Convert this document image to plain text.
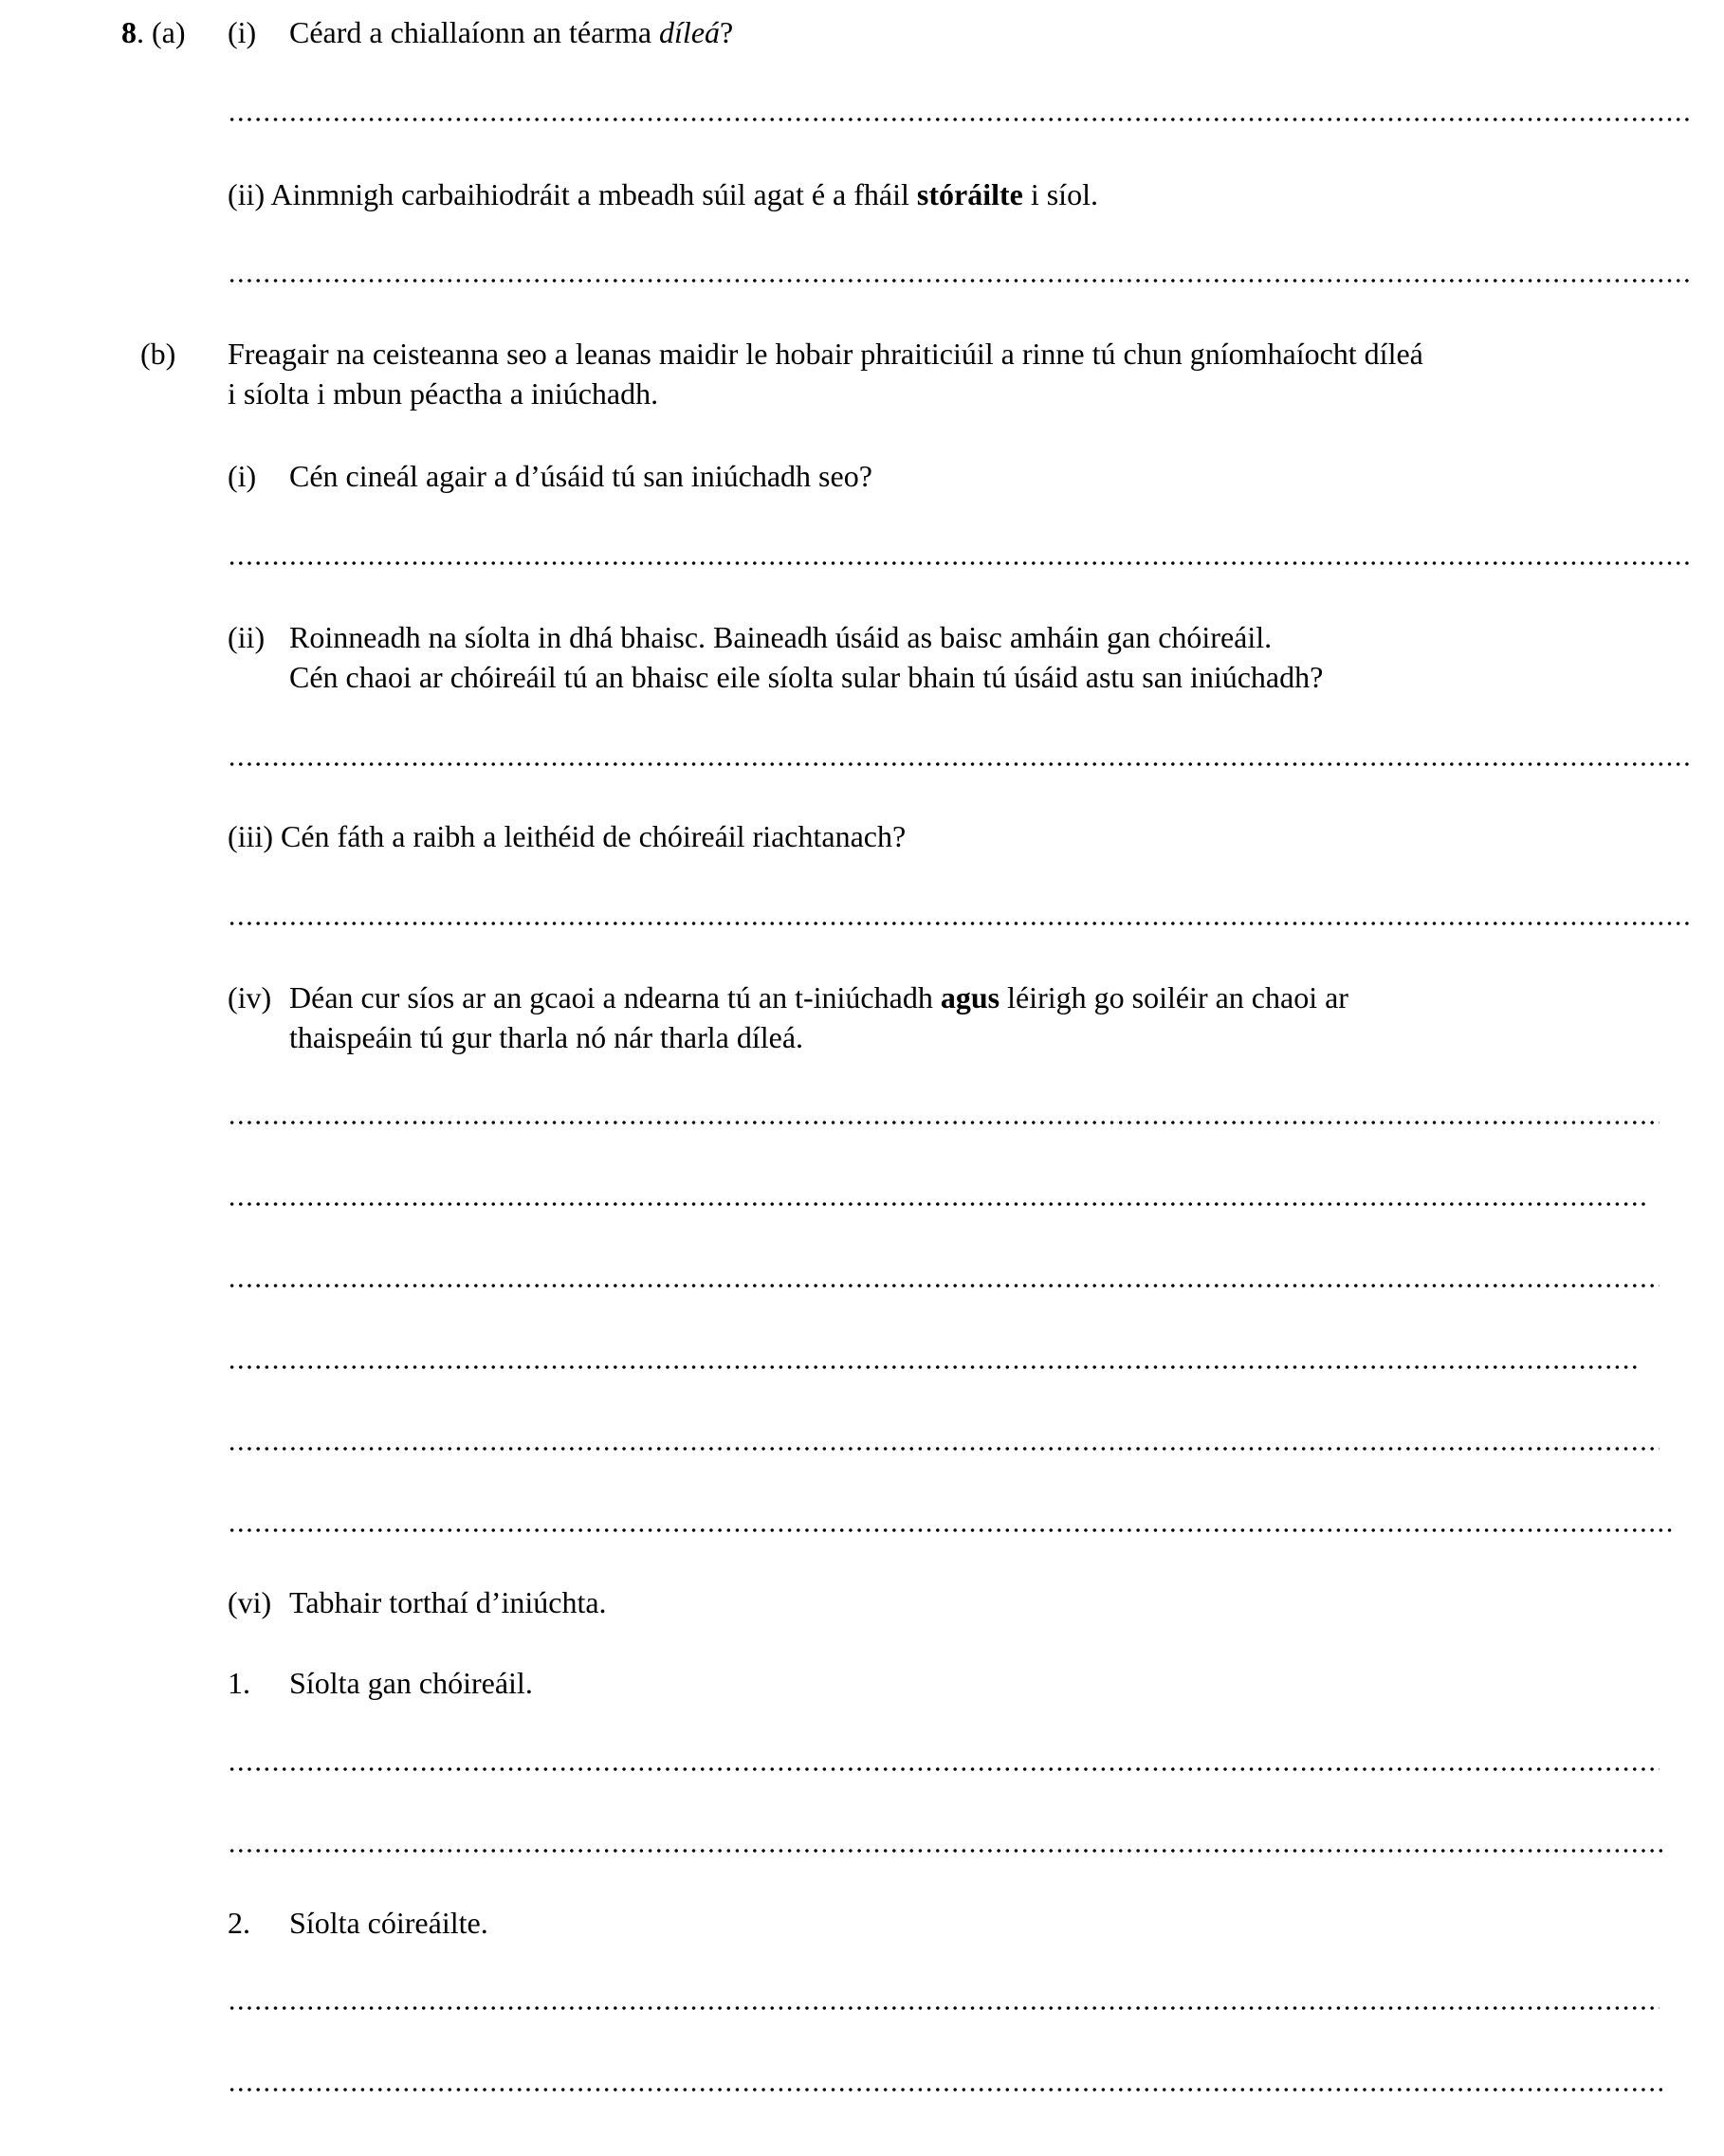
8. (a) (i) Céard a chiallaíonn an téarma díleá?
(ii) Ainmnigh carbaihiodráit a mbeadh súil agat é a fháil stóráilte i síol.
(b) Freagair na ceisteanna seo a leanas maidir le hobair phraiticiúil a rinne tú chun gníomhaíocht díleá
i síolta i mbun péactha a iniúchadh.
(i) Cén cineál agair a d’úsáid tú san iniúchadh seo?
(ii) Roinneadh na síolta in dhá bhaisc. Baineadh úsáid as baisc amháin gan chóireáil.
Cén chaoi ar chóireáil tú an bhaisc eile síolta sular bhain tú úsáid astu san iniúchadh?
(iii) Cén fáth a raibh a leithéid de chóireáil riachtanach?
(iv) Déan cur síos ar an gcaoi a ndearna tú an t-iniúchadh agus léirigh go soiléir an chaoi ar
thaispeáin tú gur tharla nó nár tharla díleá.
(vi) Tabhair torthaí d’iniúchta.
1. Síolta gan chóireáil.
2. Síolta cóireáilte.
